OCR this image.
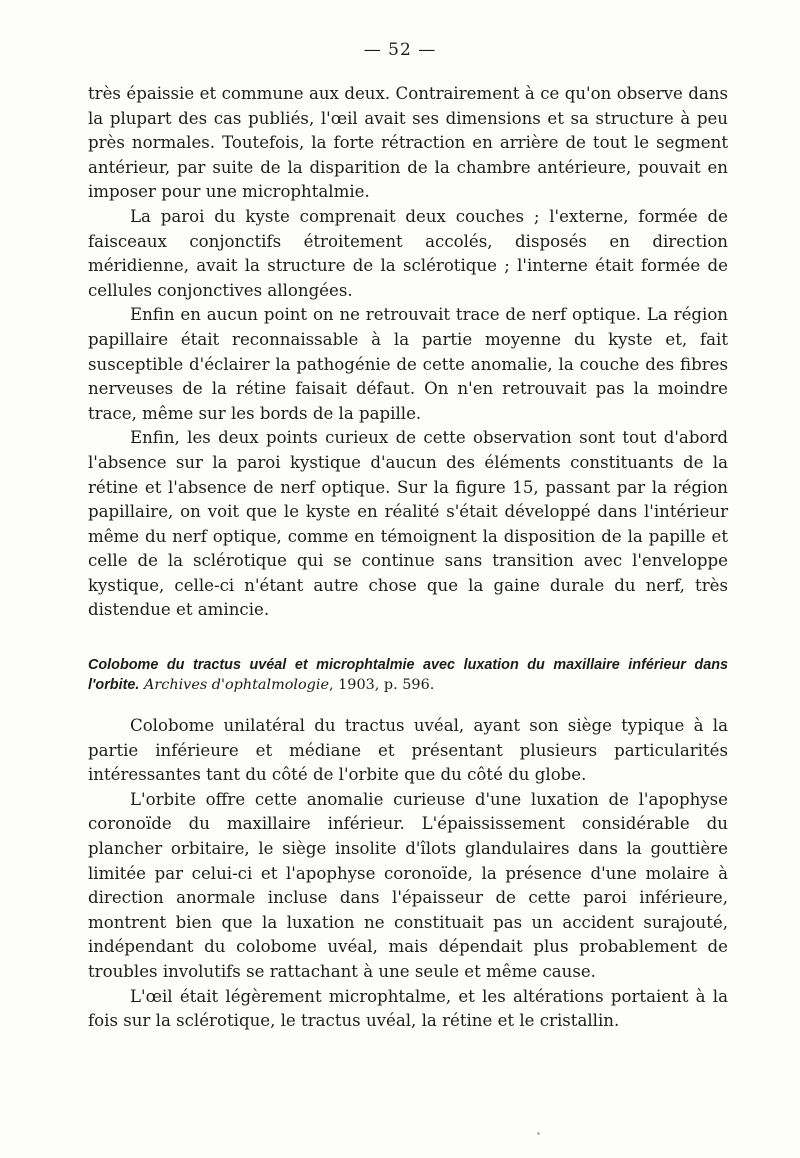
— 52 —

très épaissie et commune aux deux. Contrairement à ce qu'on observe dans la plupart des cas publiés, l'œil avait ses dimensions et sa structure à peu près normales. Toutefois, la forte rétraction en arrière de tout le segment antérieur, par suite de la disparition de la chambre antérieure, pouvait en imposer pour une microphtalmie.

La paroi du kyste comprenait deux couches ; l'externe, formée de faisceaux conjonctifs étroitement accolés, disposés en direction méridienne, avait la structure de la sclérotique ; l'interne était formée de cellules conjonctives allongées.

Enfin en aucun point on ne retrouvait trace de nerf optique. La région papillaire était reconnaissable à la partie moyenne du kyste et, fait susceptible d'éclairer la pathogénie de cette anomalie, la couche des fibres nerveuses de la rétine faisait défaut. On n'en retrouvait pas la moindre trace, même sur les bords de la papille.

Enfin, les deux points curieux de cette observation sont tout d'abord l'absence sur la paroi kystique d'aucun des éléments constituants de la rétine et l'absence de nerf optique. Sur la figure 15, passant par la région papillaire, on voit que le kyste en réalité s'était développé dans l'intérieur même du nerf optique, comme en témoignent la disposition de la papille et celle de la sclérotique qui se continue sans transition avec l'enveloppe kystique, celle-ci n'étant autre chose que la gaine durale du nerf, très distendue et amincie.

Colobome du tractus uvéal et microphtalmie avec luxation du maxillaire inférieur dans l'orbite. Archives d'ophtalmologie, 1903, p. 596.

Colobome unilatéral du tractus uvéal, ayant son siège typique à la partie inférieure et médiane et présentant plusieurs particularités intéressantes tant du côté de l'orbite que du côté du globe.

L'orbite offre cette anomalie curieuse d'une luxation de l'apophyse coronoïde du maxillaire inférieur. L'épaississement considérable du plancher orbitaire, le siège insolite d'îlots glandulaires dans la gouttière limitée par celui-ci et l'apophyse coronoïde, la présence d'une molaire à direction anormale incluse dans l'épaisseur de cette paroi inférieure, montrent bien que la luxation ne constituait pas un accident surajouté, indépendant du colobome uvéal, mais dépendait plus probablement de troubles involutifs se rattachant à une seule et même cause.

L'œil était légèrement microphtalme, et les altérations portaient à la fois sur la sclérotique, le tractus uvéal, la rétine et le cristallin.
